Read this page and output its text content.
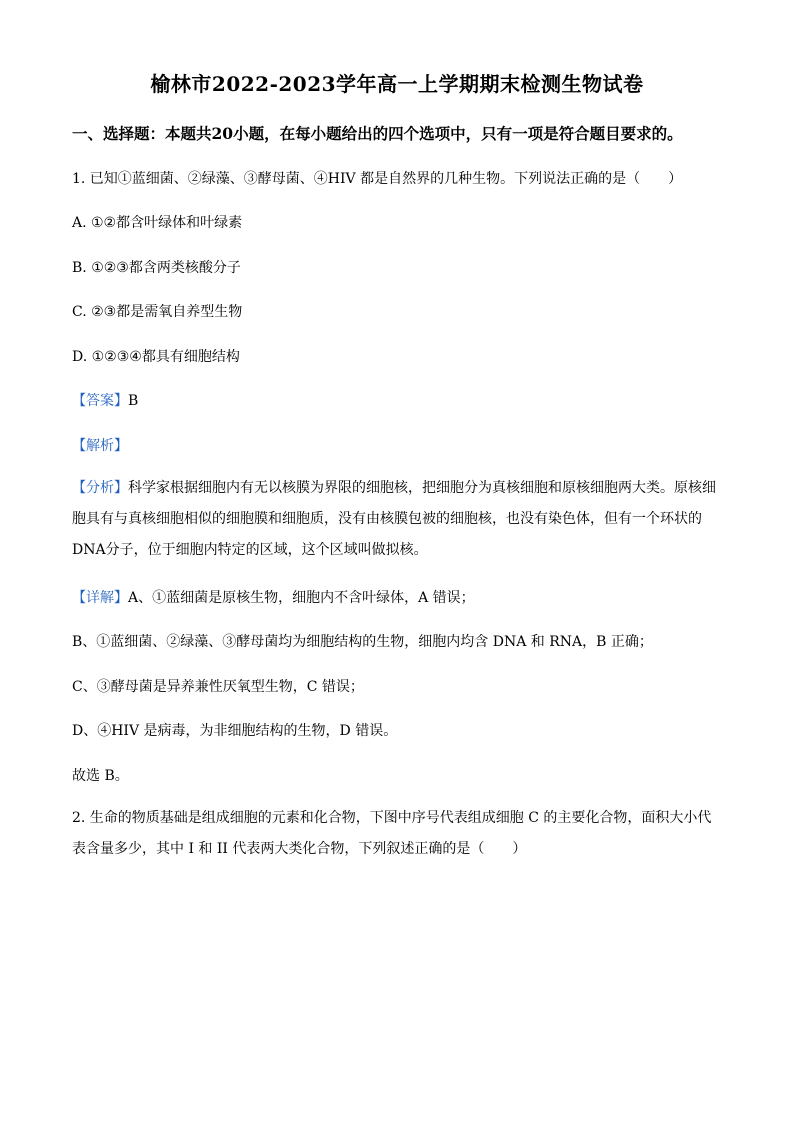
榆林市2022-2023学年高一上学期期末检测生物试卷
一、选择题：本题共20小题，在每小题给出的四个选项中，只有一项是符合题目要求的。
1. 已知①蓝细菌、②绿藻、③酵母菌、④HIV 都是自然界的几种生物。下列说法正确的是（　　）
A. ①②都含叶绿体和叶绿素
B. ①②③都含两类核酸分子
C. ②③都是需氧自养型生物
D. ①②③④都具有细胞结构
【答案】B
【解析】
【分析】科学家根据细胞内有无以核膜为界限的细胞核，把细胞分为真核细胞和原核细胞两大类。原核细胞具有与真核细胞相似的细胞膜和细胞质，没有由核膜包被的细胞核，也没有染色体，但有一个环状的DNA分子，位于细胞内特定的区域，这个区域叫做拟核。
【详解】A、①蓝细菌是原核生物，细胞内不含叶绿体，A 错误；
B、①蓝细菌、②绿藻、③酵母菌均为细胞结构的生物，细胞内均含 DNA 和 RNA，B 正确；
C、③酵母菌是异养兼性厌氧型生物，C 错误；
D、④HIV 是病毒，为非细胞结构的生物，D 错误。
故选 B。
2. 生命的物质基础是组成细胞的元素和化合物，下图中序号代表组成细胞 C 的主要化合物，面积大小代表含量多少，其中 I 和 II 代表两大类化合物，下列叙述正确的是（　　）
